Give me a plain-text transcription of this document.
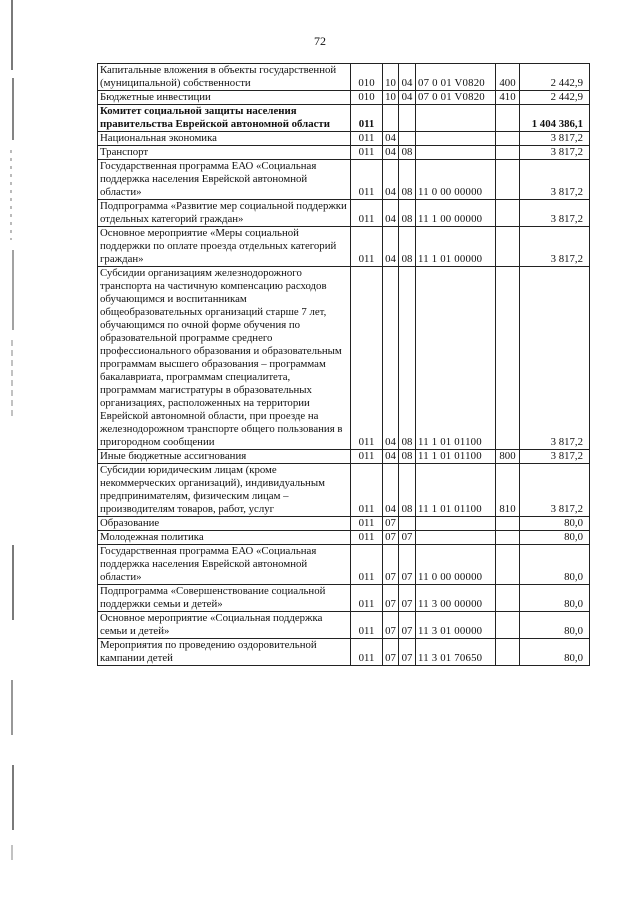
72
Капитальные вложения в объекты государственной (муниципальной) собственности	010	10	04	07 0 01 V0820	400	2 442,9
Бюджетные инвестиции	010	10	04	07 0 01 V0820	410	2 442,9
Комитет социальной защиты населения правительства Еврейской автономной области	011					1 404 386,1
Национальная экономика	011	04				3 817,2
Транспорт	011	04	08			3 817,2
Государственная программа ЕАО «Социальная поддержка населения Еврейской автономной области»	011	04	08	11 0 00 00000		3 817,2
Подпрограмма «Развитие мер социальной поддержки отдельных категорий граждан»	011	04	08	11 1 00 00000		3 817,2
Основное мероприятие «Меры социальной поддержки по оплате проезда отдельных категорий граждан»	011	04	08	11 1 01 00000		3 817,2
Субсидии организациям железнодорожного транспорта на частичную компенсацию расходов обучающимся и воспитанникам общеобразовательных организаций старше 7 лет, обучающимся по очной форме обучения по образовательной программе среднего профессионального образования и образовательным программам высшего образования – программам бакалавриата, программам специалитета, программам магистратуры в образовательных организациях, расположенных на территории Еврейской автономной области, при проезде на железнодорожном транспорте общего пользования в пригородном сообщении	011	04	08	11 1 01 01100		3 817,2
Иные бюджетные ассигнования	011	04	08	11 1 01 01100	800	3 817,2
Субсидии юридическим лицам (кроме некоммерческих организаций), индивидуальным предпринимателям, физическим лицам – производителям товаров, работ, услуг	011	04	08	11 1 01 01100	810	3 817,2
Образование	011	07				80,0
Молодежная политика	011	07	07			80,0
Государственная программа ЕАО «Социальная поддержка населения Еврейской автономной области»	011	07	07	11 0 00 00000		80,0
Подпрограмма «Совершенствование социальной поддержки семьи и детей»	011	07	07	11 3 00 00000		80,0
Основное мероприятие «Социальная поддержка семьи и детей»	011	07	07	11 3 01 00000		80,0
Мероприятия по проведению оздоровительной кампании детей	011	07	07	11 3 01 70650		80,0
